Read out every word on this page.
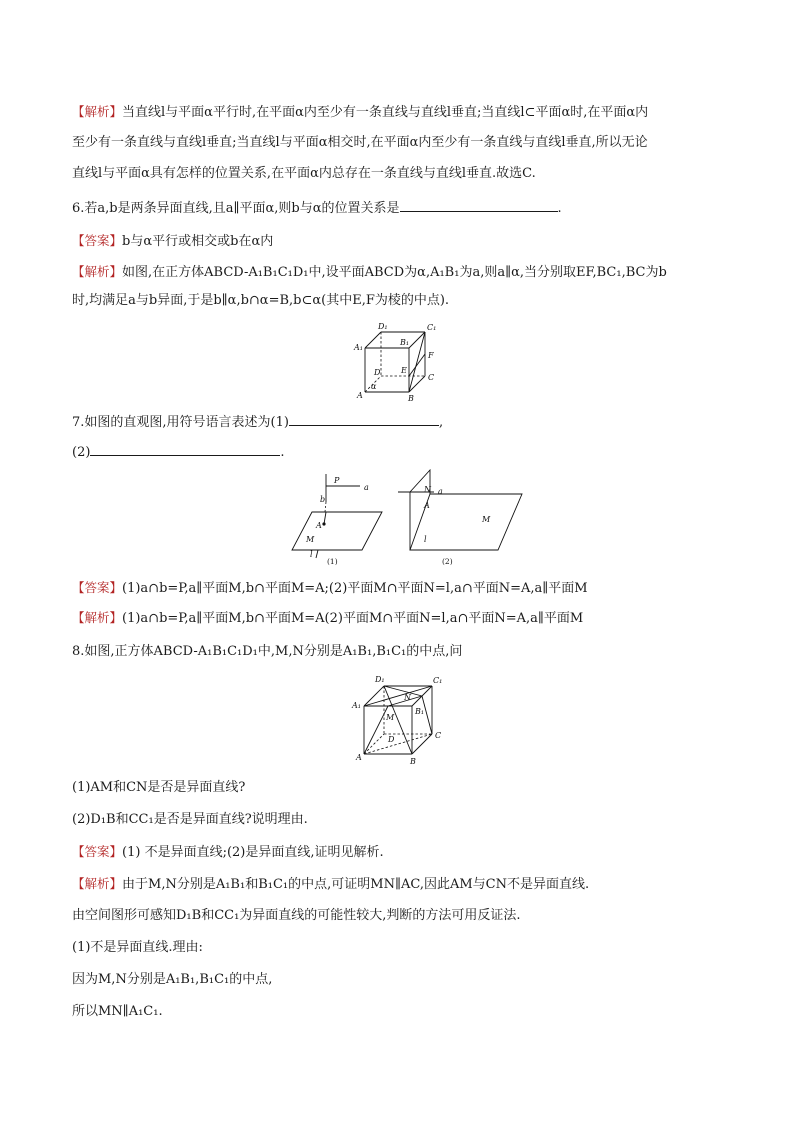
【解析】当直线l与平面α平行时,在平面α内至少有一条直线与直线l垂直;当直线l⊂平面α时,在平面α内
至少有一条直线与直线l垂直;当直线l与平面α相交时,在平面α内至少有一条直线与直线l垂直,所以无论
直线l与平面α具有怎样的位置关系,在平面α内总存在一条直线与直线l垂直.故选C.
6.若a,b是两条异面直线,且a∥平面α,则b与α的位置关系是	.
【答案】b与α平行或相交或b在α内
【解析】如图,在正方体ABCD-A₁B₁C₁D₁中,设平面ABCD为α,A₁B₁为a,则a∥α,当分别取EF,BC₁,BC为b
时,均满足a与b异面,于是b∥α,b∩α=B,b⊂α(其中E,F为棱的中点).
D₁	C₁
A₁
B₁
F
E
D
C
α
A	B
7.如图的直观图,用符号语言表述为(1)	,
(2)	.
P
a
b
A
M
l
(1)
N a
A
M
l
(2)
【答案】(1)a∩b=P,a∥平面M,b∩平面M=A;(2)平面M∩平面N=l,a∩平面N=A,a∥平面M
【解析】(1)a∩b=P,a∥平面M,b∩平面M=A(2)平面M∩平面N=l,a∩平面N=A,a∥平面M
8.如图,正方体ABCD-A₁B₁C₁D₁中,M,N分别是A₁B₁,B₁C₁的中点,问
D₁	C₁
A₁
N
M
B₁
D	C
A	B
(1)AM和CN是否是异面直线?
(2)D₁B和CC₁是否是异面直线?说明理由.
【答案】(1) 不是异面直线;(2)是异面直线,证明见解析.
【解析】由于M,N分别是A₁B₁和B₁C₁的中点,可证明MN∥AC,因此AM与CN不是异面直线.
由空间图形可感知D₁B和CC₁为异面直线的可能性较大,判断的方法可用反证法.
(1)不是异面直线.理由:
因为M,N分别是A₁B₁,B₁C₁的中点,
所以MN∥A₁C₁.
